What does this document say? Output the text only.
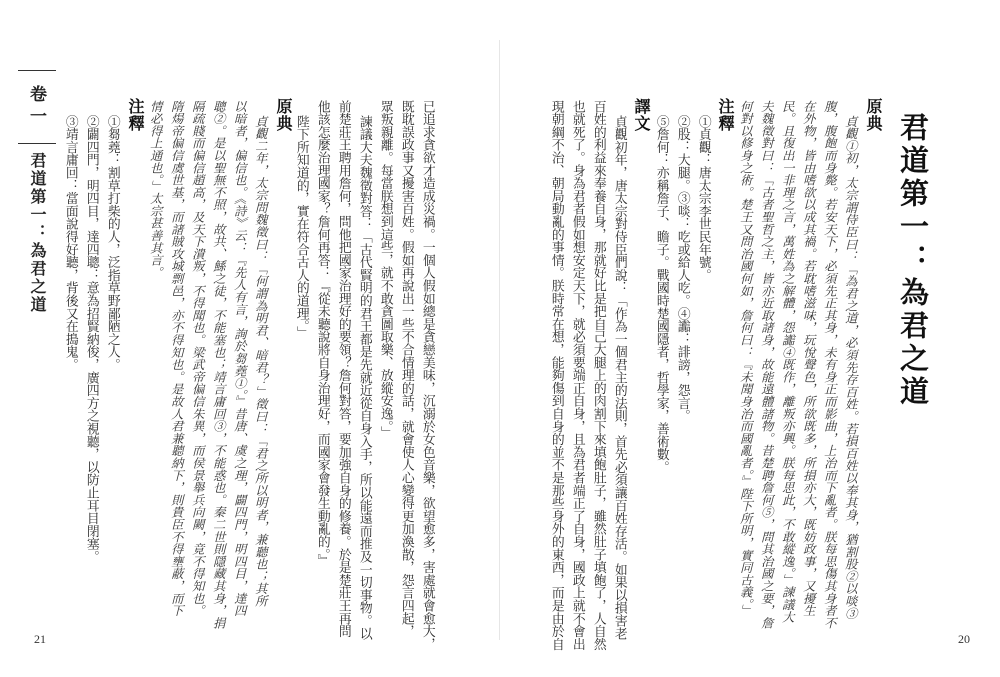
卷一
君道第一：為君之道	已追求貪欲才造成災禍。一個人假如總是貪戀美味，沉溺於女色音樂，欲望愈多，害處就會愈大，
既耽誤政事又擾害百姓。假如再說出一些不合情理的話，就會使人心變得更加渙散，怨言四起，
眾叛親離。每當朕想到這些，就不敢貪圖取樂、放縱安逸。」
諫議大夫魏徵對答：「古代賢明的君王都是先就近從自身入手，所以能遠而推及一切事物。以
前楚莊王聘用詹何，問他把國家治理好的要領？詹何對答，要加強自身的修養。於是楚莊王再問
他該怎麼治理國家？詹何再答：『從未聽說將自身治理好，而國家會發生動亂的。』
陛下所知道的，實在符合古人的道理。」
原典
貞觀二年，太宗問魏徵曰：「何謂為明君、暗君？」徵曰：「君之所以明者，兼聽也；其所
以暗者，偏信也。《詩》云：『先人有言，詢於芻蕘①。』昔唐、虞之理，闢四門，明四目，達四
聰②。是以聖無不照，故共、鯀之徒，不能塞也；靖言庸回③，不能惑也。秦二世則隱藏其身，捐
隔疏賤而偏信趙高，及天下潰叛，不得聞也。梁武帝偏信朱異，而侯景舉兵向闕，竟不得知也。
隋煬帝偏信虞世基，而諸賊攻城剽邑，亦不得知也。是故人君兼聽納下，則貴臣不得壅蔽，而下
情必得上通也。」太宗甚善其言。
注釋
①芻蕘：割草打柴的人，泛指草野鄙陋之人。
②闢四門，明四目，達四聰：意為招賢納俊，廣四方之視聽，以防止耳目閉塞。
③靖言庸回：當面說得好聽，背後又在搗鬼。
21
君道第一：為君之道
原典
貞觀①初，太宗謂侍臣曰：「為君之道，必須先存百姓。若損百姓以奉其身，猶割股②以啖③
腹，腹飽而身斃。若安天下，必須先正其身，未有身正而影曲，上治而下亂者。朕每思傷其身者不
在外物，皆由嗜欲以成其禍。若耽嗜滋味，玩悅聲色，所欲既多，所損亦大，既妨政事，又擾生
民。且復出一非理之言，萬姓為之解體，怨讟④既作，離叛亦興。朕每思此，不敢縱逸。」諫議大
夫魏徵對曰：「古者聖哲之主，皆亦近取諸身，故能遠體諸物。昔楚聘詹何⑤，問其治國之要，詹
何對以修身之術。楚王又問治國何如，詹何曰：『未聞身治而國亂者。』陛下所明，實同古義。」
注釋
①貞觀：唐太宗李世民年號。
②股：大腿。③啖：吃或給人吃。④讟：誹謗，怨言。
⑤詹何：亦稱詹子、瞻子。戰國時楚國隱者，哲學家，善術數。
譯文
貞觀初年，唐太宗對侍臣們說：「作為一個君主的法則，首先必須讓百姓存活。如果以損害老
百姓的利益來奉養自身，那就好比是把自己大腿上的肉割下來填飽肚子，雖然肚子填飽了，人自然
也就死了。身為君者假如想安定天下，就必須要端正自身，且為君者端正了自身，國政上就不會出
現朝綱不治、朝局動亂的事情。朕時常在想，能夠傷到自身的並不是那些身外的東西，而是由於自	20
